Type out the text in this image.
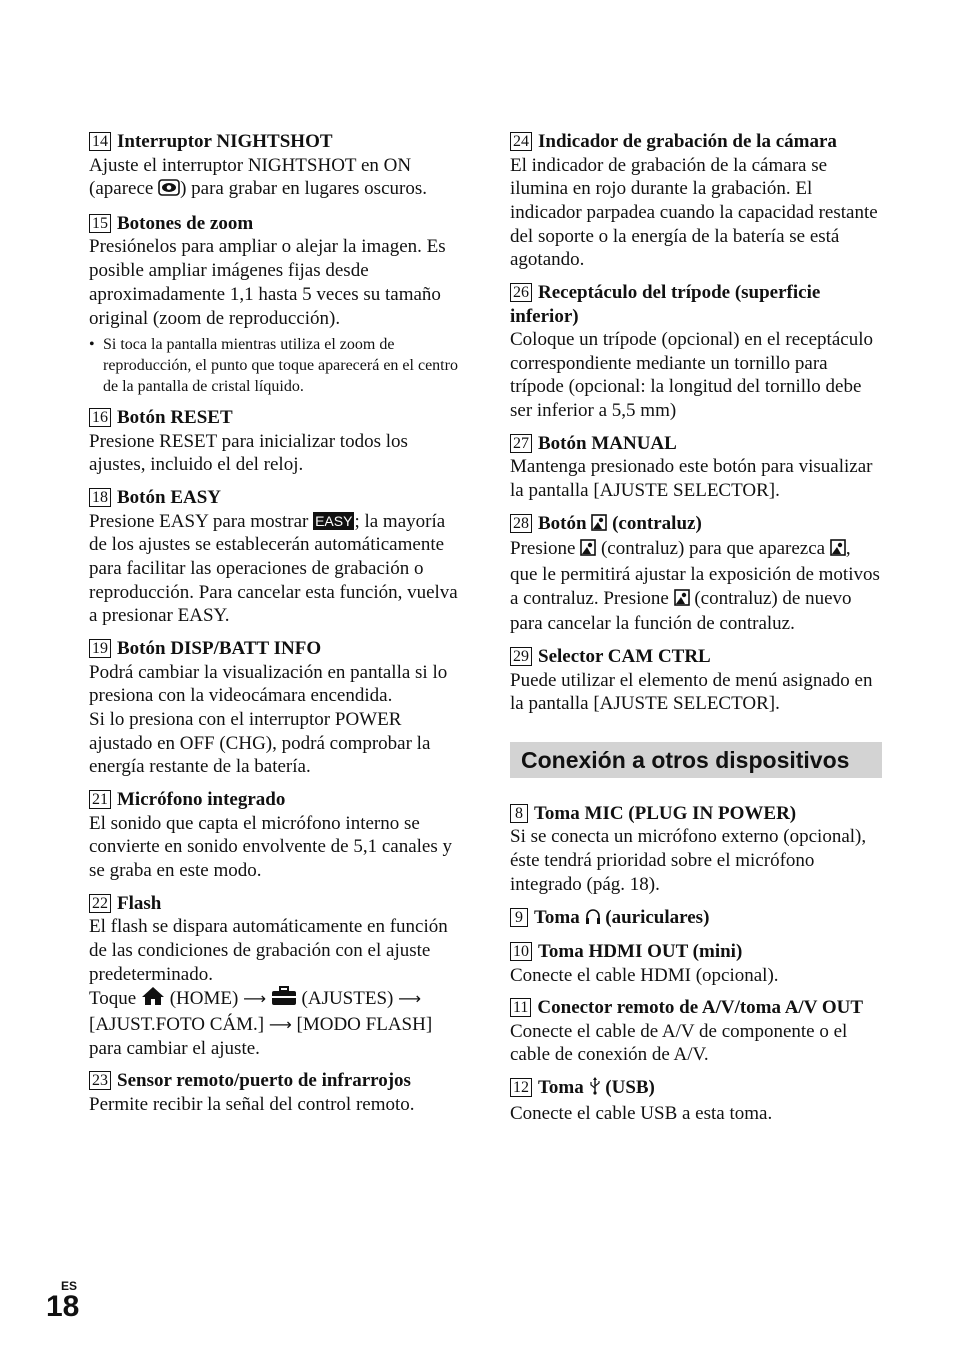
14 Interruptor NIGHTSHOT

Ajuste el interruptor NIGHTSHOT en ON (aparece ) para grabar en lugares oscuros.

15 Botones de zoom

Presiónelos para ampliar o alejar la imagen. Es posible ampliar imágenes fijas desde aproximadamente 1,1 hasta 5 veces su tamaño original (zoom de reproducción).

• Si toca la pantalla mientras utiliza el zoom de reproducción, el punto que toque aparecerá en el centro de la pantalla de cristal líquido.

16 Botón RESET

Presione RESET para inicializar todos los ajustes, incluido el del reloj.

18 Botón EASY

Presione EASY para mostrar EASY ; la mayoría de los ajustes se establecerán automáticamente para facilitar las operaciones de grabación o reproducción. Para cancelar esta función, vuelva a presionar EASY.

19 Botón DISP/BATT INFO

Podrá cambiar la visualización en pantalla si lo presiona con la videocámara encendida.

Si lo presiona con el interruptor POWER ajustado en OFF (CHG), podrá comprobar la energía restante de la batería.

21 Micrófono integrado

El sonido que capta el micrófono interno se convierte en sonido envolvente de 5,1 canales y se graba en este modo.

22 Flash

El flash se dispara automáticamente en función de las condiciones de grabación con el ajuste predeterminado.

Toque  (HOME) ⟶  (AJUSTES) ⟶ [AJUST.FOTO CÁM.] ⟶ [MODO FLASH] para cambiar el ajuste.

23 Sensor remoto/puerto de infrarrojos

Permite recibir la señal del control remoto.

24 Indicador de grabación de la cámara

El indicador de grabación de la cámara se ilumina en rojo durante la grabación. El indicador parpadea cuando la capacidad restante del soporte o la energía de la batería se está agotando.

26 Receptáculo del trípode (superficie inferior)

Coloque un trípode (opcional) en el receptáculo correspondiente mediante un tornillo para trípode (opcional: la longitud del tornillo debe ser inferior a 5,5 mm)

27 Botón MANUAL

Mantenga presionado este botón para visualizar la pantalla [AJUSTE SELECTOR].

28 Botón  (contraluz)

Presione  (contraluz) para que aparezca , que le permitirá ajustar la exposición de motivos a contraluz. Presione  (contraluz) de nuevo para cancelar la función de contraluz.

29 Selector CAM CTRL

Puede utilizar el elemento de menú asignado en la pantalla [AJUSTE SELECTOR].

Conexión a otros dispositivos
8 Toma MIC (PLUG IN POWER)

Si se conecta un micrófono externo (opcional), éste tendrá prioridad sobre el micrófono integrado (pág. 18).

9 Toma  (auriculares)
10 Toma HDMI OUT (mini)

Conecte el cable HDMI (opcional).

11 Conector remoto de A/V/toma A/V OUT

Conecte el cable de A/V de componente o el cable de conexión de A/V.

12 Toma  (USB)

Conecte el cable USB a esta toma.

ES
18
